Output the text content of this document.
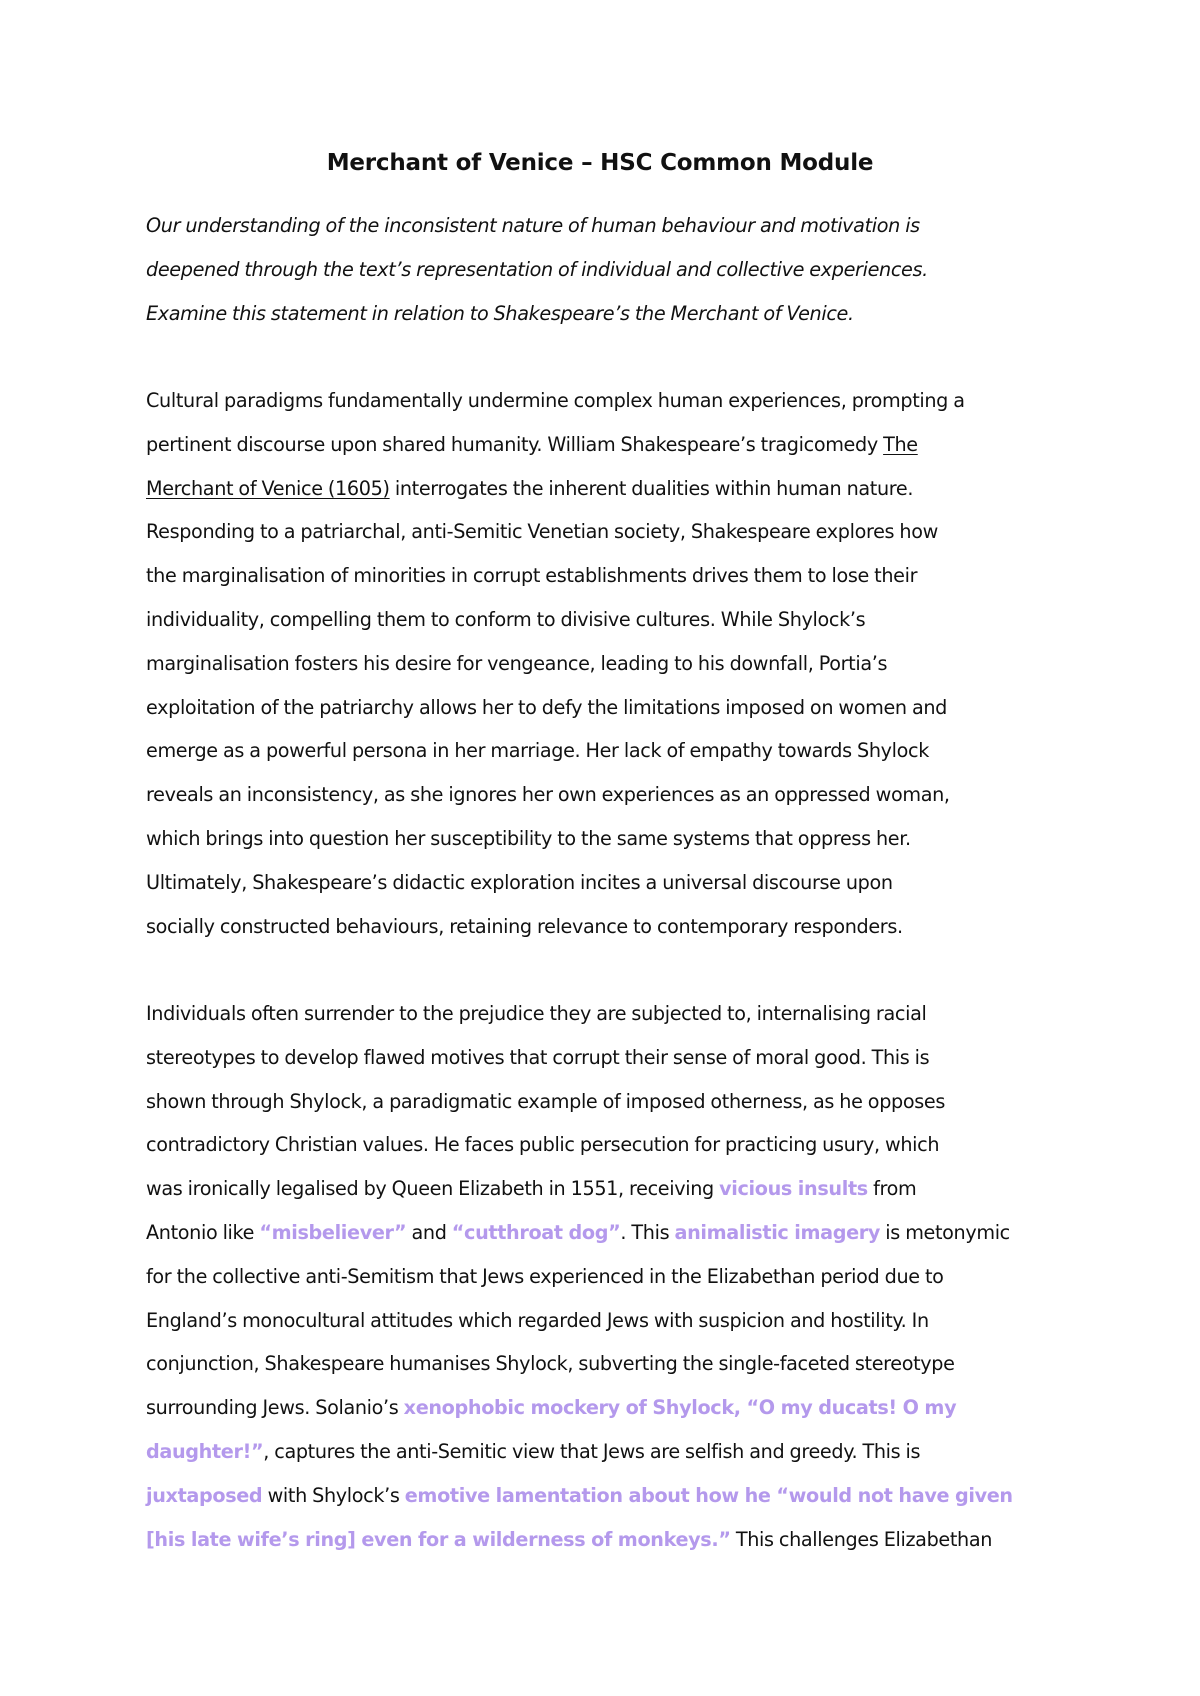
Merchant of Venice – HSC Common Module
Our understanding of the inconsistent nature of human behaviour and motivation is
deepened through the text’s representation of individual and collective experiences.
Examine this statement in relation to Shakespeare’s the Merchant of Venice.
Cultural paradigms fundamentally undermine complex human experiences, prompting a
pertinent discourse upon shared humanity. William Shakespeare’s tragicomedy The
Merchant of Venice (1605) interrogates the inherent dualities within human nature.
Responding to a patriarchal, anti-Semitic Venetian society, Shakespeare explores how
the marginalisation of minorities in corrupt establishments drives them to lose their
individuality, compelling them to conform to divisive cultures. While Shylock’s
marginalisation fosters his desire for vengeance, leading to his downfall, Portia’s
exploitation of the patriarchy allows her to defy the limitations imposed on women and
emerge as a powerful persona in her marriage. Her lack of empathy towards Shylock
reveals an inconsistency, as she ignores her own experiences as an oppressed woman,
which brings into question her susceptibility to the same systems that oppress her.
Ultimately, Shakespeare’s didactic exploration incites a universal discourse upon
socially constructed behaviours, retaining relevance to contemporary responders.
Individuals often surrender to the prejudice they are subjected to, internalising racial
stereotypes to develop flawed motives that corrupt their sense of moral good. This is
shown through Shylock, a paradigmatic example of imposed otherness, as he opposes
contradictory Christian values. He faces public persecution for practicing usury, which
was ironically legalised by Queen Elizabeth in 1551, receiving vicious insults from
Antonio like “misbeliever” and “cutthroat dog”. This animalistic imagery is metonymic
for the collective anti-Semitism that Jews experienced in the Elizabethan period due to
England’s monocultural attitudes which regarded Jews with suspicion and hostility. In
conjunction, Shakespeare humanises Shylock, subverting the single-faceted stereotype
surrounding Jews. Solanio’s xenophobic mockery of Shylock, “O my ducats! O my
daughter!”, captures the anti-Semitic view that Jews are selfish and greedy. This is
juxtaposed with Shylock’s emotive lamentation about how he “would not have given
[his late wife’s ring] even for a wilderness of monkeys.” This challenges Elizabethan
